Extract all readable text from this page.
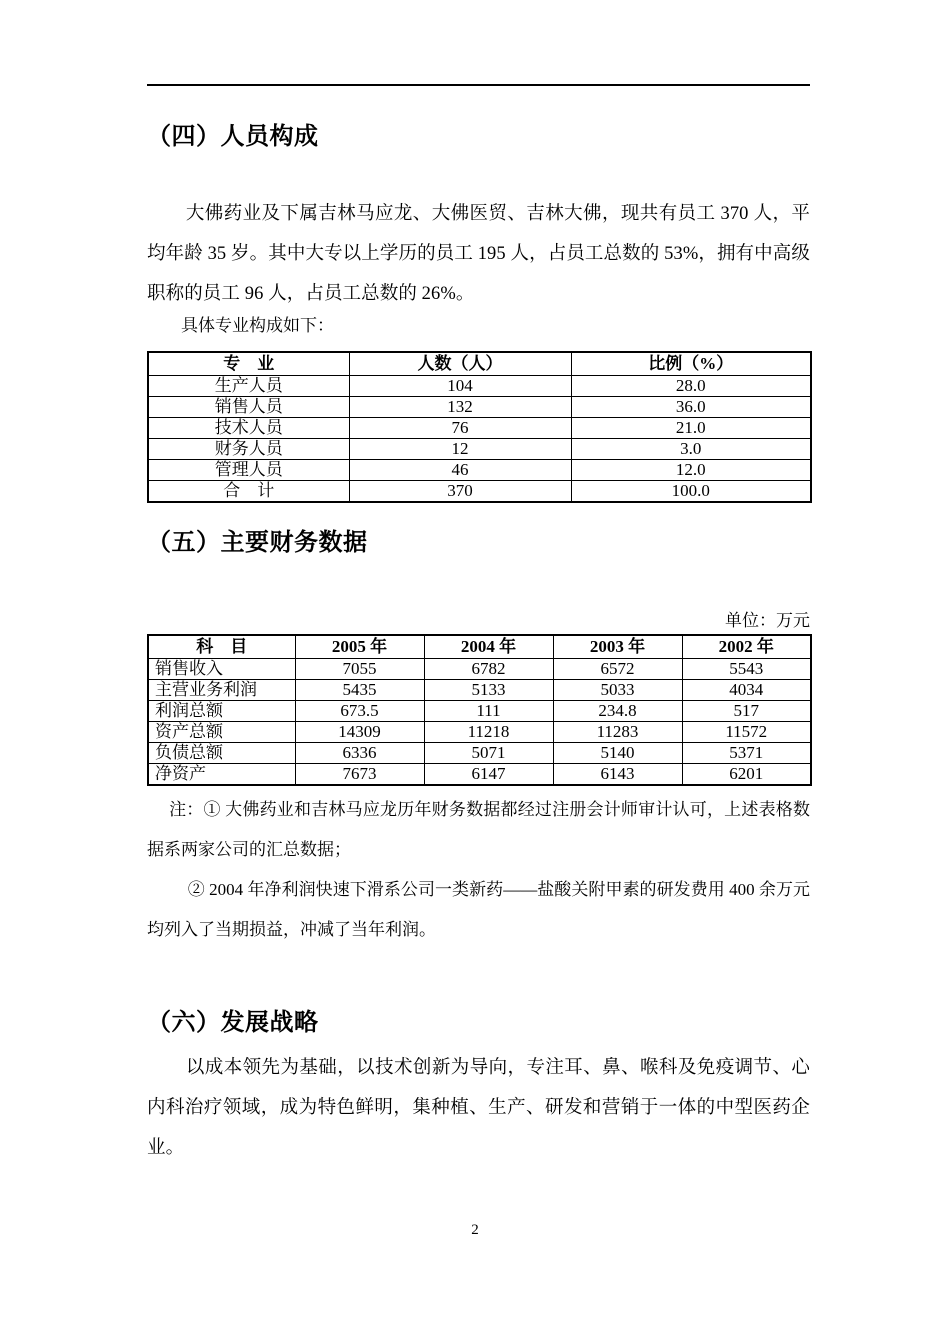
（四）人员构成

大佛药业及下属吉林马应龙、大佛医贸、吉林大佛，现共有员工 370 人，平均年龄 35 岁。其中大专以上学历的员工 195 人，占员工总数的 53%，拥有中高级职称的员工 96 人，占员工总数的 26%。

具体专业构成如下：

专　业	人数（人）	比例（%）
生产人员	104	28.0
销售人员	132	36.0
技术人员	76	21.0
财务人员	12	3.0
管理人员	46	12.0
合　计	370	100.0
（五）主要财务数据

单位：万元

科　目	2005 年	2004 年	2003 年	2002 年
销售收入	7055	6782	6572	5543
主营业务利润	5435	5133	5033	4034
利润总额	673.5	111	234.8	517
资产总额	14309	11218	11283	11572
负债总额	6336	5071	5140	5371
净资产	7673	6147	6143	6201

注：① 大佛药业和吉林马应龙历年财务数据都经过注册会计师审计认可，上述表格数据系两家公司的汇总数据；

② 2004 年净利润快速下滑系公司一类新药——盐酸关附甲素的研发费用 400 余万元均列入了当期损益，冲减了当年利润。

（六）发展战略

以成本领先为基础，以技术创新为导向，专注耳、鼻、喉科及免疫调节、心内科治疗领域，成为特色鲜明，集种植、生产、研发和营销于一体的中型医药企业。

2
